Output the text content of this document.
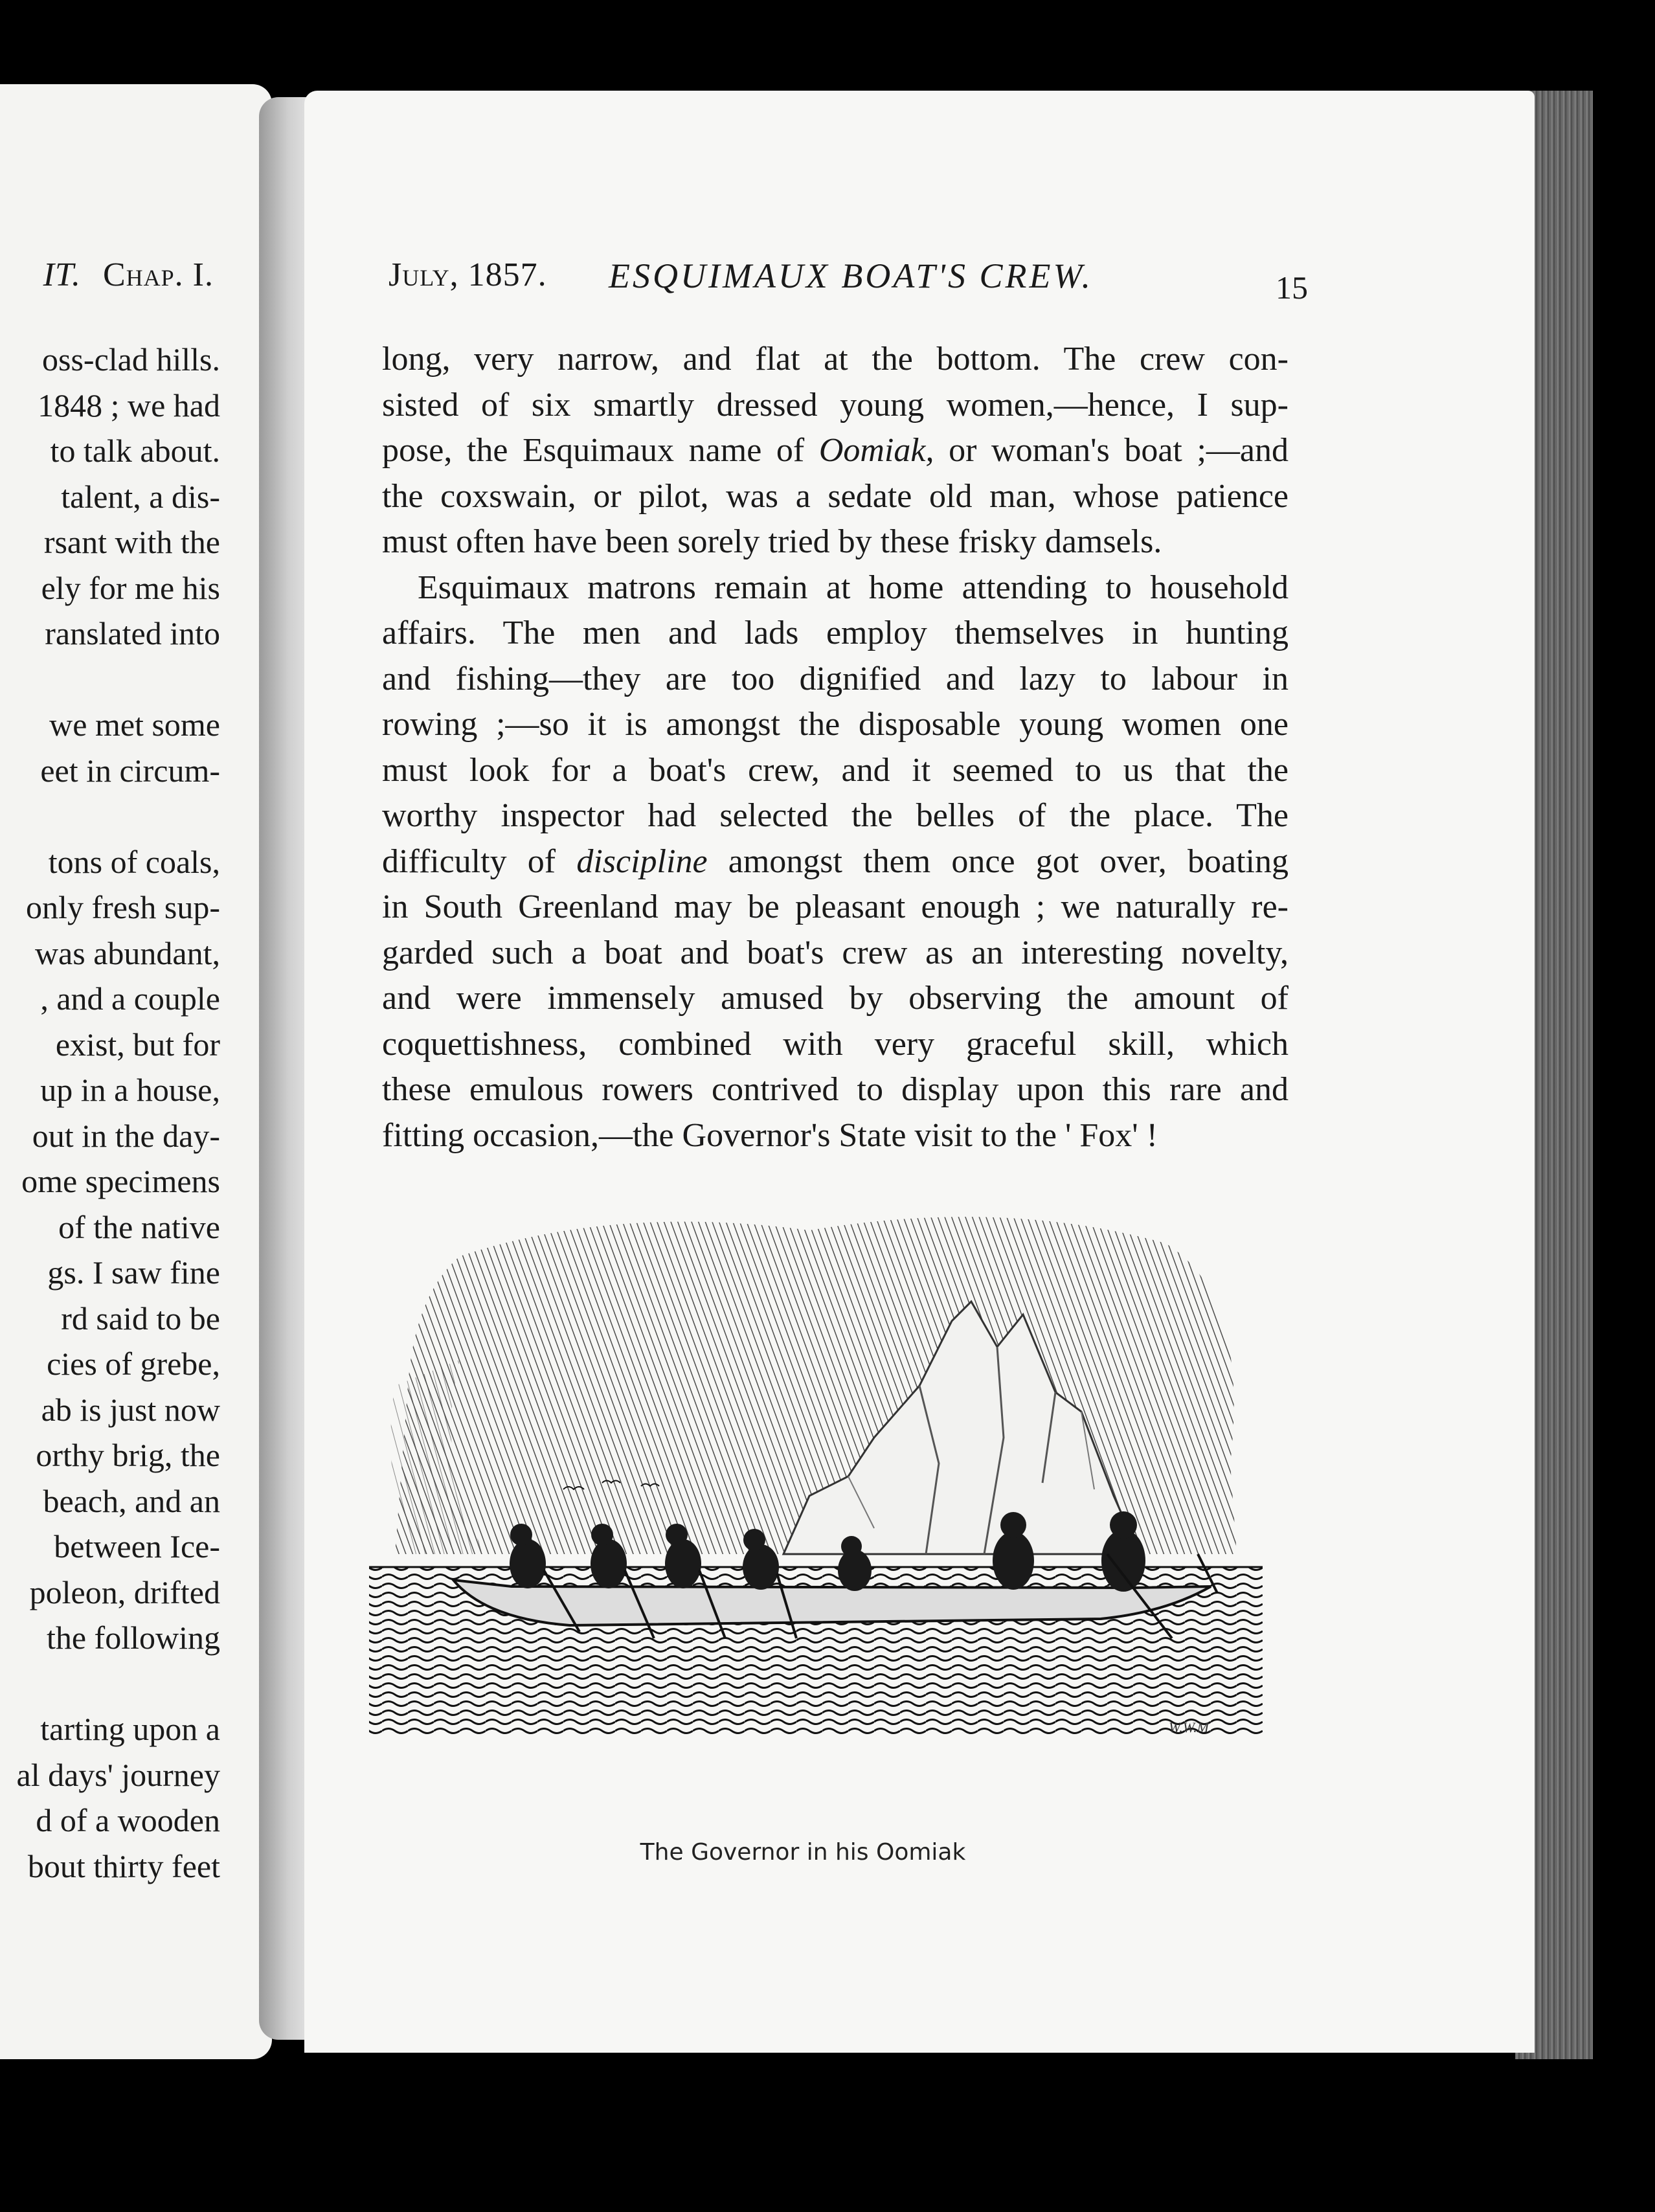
IT. Chap. I.
oss-clad hills.
1848 ; we had
to talk about.
talent, a dis-
rsant with the
ely for me his
ranslated into
we met some
eet in circum-
tons of coals,
only fresh sup-
was abundant,
, and a couple
exist, but for
up in a house,
out in the day-
ome specimens
of the native
gs. I saw fine
rd said to be
cies of grebe,
ab is just now
orthy brig, the
beach, and an
between Ice-
poleon, drifted
the following
tarting upon a
al days' journey
d of a wooden
bout thirty feet
July, 1857. ESQUIMAUX BOAT'S CREW.	15
long, very narrow, and flat at the bottom. The crew con-
sisted of six smartly dressed young women,—hence, I sup-
pose, the Esquimaux name of Oomiak, or woman's boat ;—and
the coxswain, or pilot, was a sedate old man, whose patience
must often have been sorely tried by these frisky damsels.
Esquimaux matrons remain at home attending to household
affairs. The men and lads employ themselves in hunting
and fishing—they are too dignified and lazy to labour in
rowing ;—so it is amongst the disposable young women one
must look for a boat's crew, and it seemed to us that the
worthy inspector had selected the belles of the place. The
difficulty of discipline amongst them once got over, boating
in South Greenland may be pleasant enough ; we naturally re-
garded such a boat and boat's crew as an interesting novelty,
and were immensely amused by observing the amount of
coquettishness, combined with very graceful skill, which
these emulous rowers contrived to display upon this rare and
fitting occasion,—the Governor's State visit to the ' Fox' !
W.W.M.
The Governor in his Oomiak
